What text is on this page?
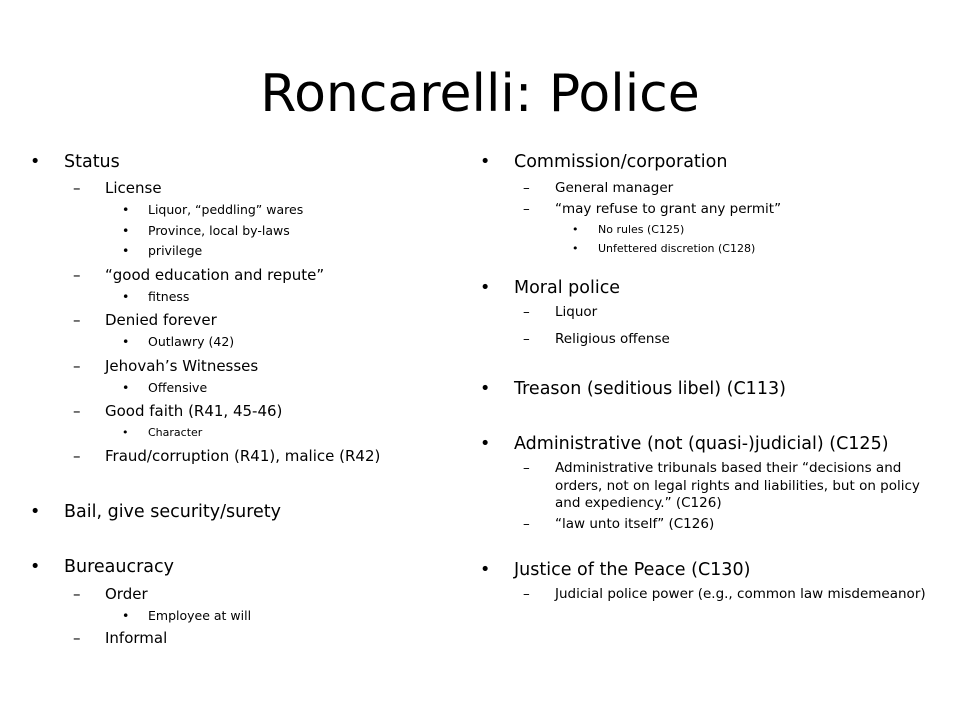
Roncarelli: Police
• Status
– License
• Liquor, “peddling” wares
• Province, local by-laws
• privilege
– “good education and repute”
• fitness
– Denied forever
• Outlawry (42)
– Jehovah’s Witnesses
• Offensive
– Good faith (R41, 45-46)
• Character
– Fraud/corruption (R41), malice (R42)
• Bail, give security/surety
• Bureaucracy
– Order
• Employee at will
– Informal
• Commission/corporation
– General manager
– “may refuse to grant any permit”
• No rules (C125)
• Unfettered discretion (C128)
• Moral police
– Liquor
– Religious offense
• Treason (seditious libel) (C113)
• Administrative (not (quasi-)judicial) (C125)
– Administrative tribunals based their “decisions and orders, not on legal rights and liabilities, but on policy and expediency.” (C126)
– “law unto itself” (C126)
• Justice of the Peace (C130)
– Judicial police power (e.g., common law misdemeanor)
